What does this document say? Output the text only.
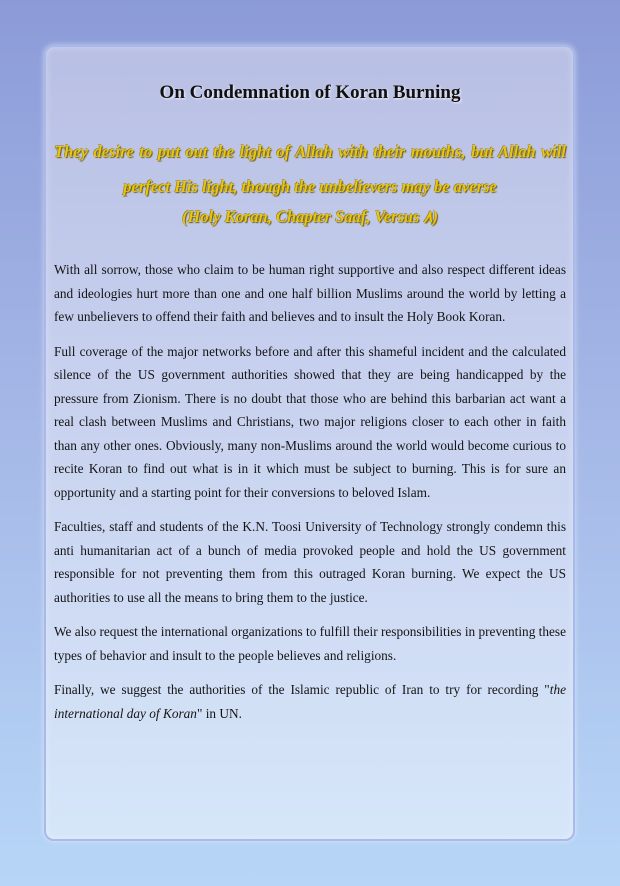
On Condemnation of Koran Burning

They desire to put out the light of Allah with their mouths, but Allah will perfect His light, though the unbelievers may be averse

(Holy Koran, Chapter Saaf, Versus ۸)

With all sorrow, those who claim to be human right supportive and also respect different ideas and ideologies hurt more than one and one half billion Muslims around the world by letting a few unbelievers to offend their faith and believes and to insult the Holy Book Koran.

Full coverage of the major networks before and after this shameful incident and the calculated silence of the US government authorities showed that they are being handicapped by the pressure from Zionism. There is no doubt that those who are behind this barbarian act want a real clash between Muslims and Christians, two major religions closer to each other in faith than any other ones. Obviously, many non-Muslims around the world would become curious to recite Koran to find out what is in it which must be subject to burning. This is for sure an opportunity and a starting point for their conversions to beloved Islam.

Faculties, staff and students of the K.N. Toosi University of Technology strongly condemn this anti humanitarian act of a bunch of media provoked people and hold the US government responsible for not preventing them from this outraged Koran burning. We expect the US authorities to use all the means to bring them to the justice.

We also request the international organizations to fulfill their responsibilities in preventing these types of behavior and insult to the people believes and religions.

Finally, we suggest the authorities of the Islamic republic of Iran to try for recording "the international day of Koran" in UN.
